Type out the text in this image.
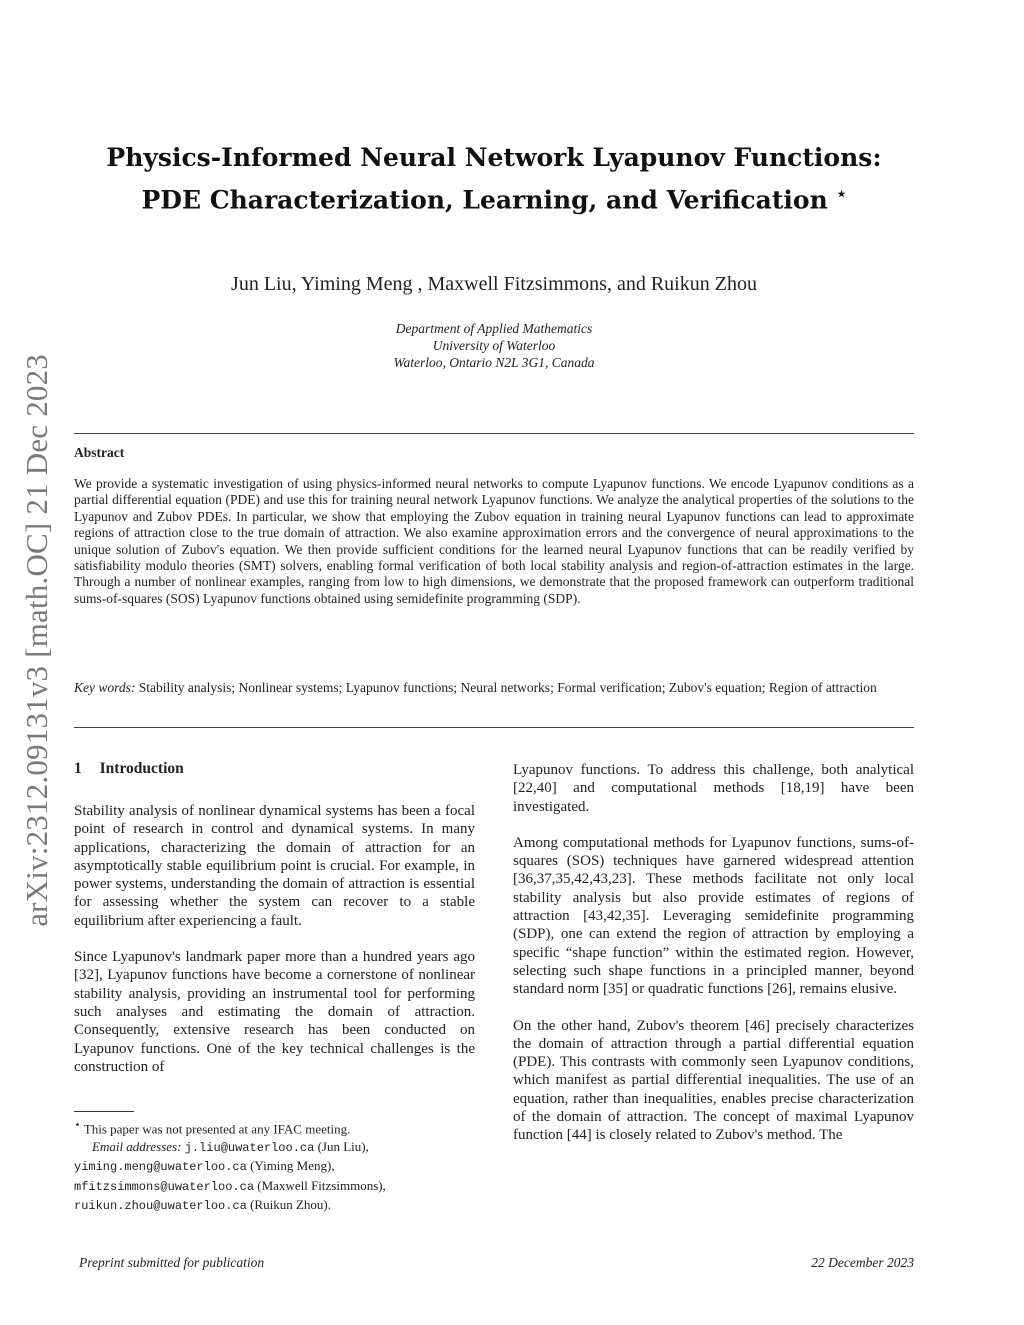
arXiv:2312.09131v3 [math.OC] 21 Dec 2023
Physics-Informed Neural Network Lyapunov Functions:
PDE Characterization, Learning, and Verification ⋆
Jun Liu, Yiming Meng , Maxwell Fitzsimmons, and Ruikun Zhou
Department of Applied Mathematics
University of Waterloo
Waterloo, Ontario N2L 3G1, Canada
Abstract
We provide a systematic investigation of using physics-informed neural networks to compute Lyapunov functions. We encode Lyapunov conditions as a partial differential equation (PDE) and use this for training neural network Lyapunov functions. We analyze the analytical properties of the solutions to the Lyapunov and Zubov PDEs. In particular, we show that employing the Zubov equation in training neural Lyapunov functions can lead to approximate regions of attraction close to the true domain of attraction. We also examine approximation errors and the convergence of neural approximations to the unique solution of Zubov's equation. We then provide sufficient conditions for the learned neural Lyapunov functions that can be readily verified by satisfiability modulo theories (SMT) solvers, enabling formal verification of both local stability analysis and region-of-attraction estimates in the large. Through a number of nonlinear examples, ranging from low to high dimensions, we demonstrate that the proposed framework can outperform traditional sums-of-squares (SOS) Lyapunov functions obtained using semidefinite programming (SDP).
Key words: Stability analysis; Nonlinear systems; Lyapunov functions; Neural networks; Formal verification; Zubov's equation; Region of attraction
1 Introduction

Stability analysis of nonlinear dynamical systems has been a focal point of research in control and dynamical systems. In many applications, characterizing the domain of attraction for an asymptotically stable equilibrium point is crucial. For example, in power systems, understanding the domain of attraction is essential for assessing whether the system can recover to a stable equilibrium after experiencing a fault.

Since Lyapunov's landmark paper more than a hundred years ago [32], Lyapunov functions have become a cornerstone of nonlinear stability analysis, providing an instrumental tool for performing such analyses and estimating the domain of attraction. Consequently, extensive research has been conducted on Lyapunov functions. One of the key technical challenges is the construction of

Lyapunov functions. To address this challenge, both analytical [22,40] and computational methods [18,19] have been investigated.

Among computational methods for Lyapunov functions, sums-of-squares (SOS) techniques have garnered widespread attention [36,37,35,42,43,23]. These methods facilitate not only local stability analysis but also provide estimates of regions of attraction [43,42,35]. Leveraging semidefinite programming (SDP), one can extend the region of attraction by employing a specific “shape function” within the estimated region. However, selecting such shape functions in a principled manner, beyond standard norm [35] or quadratic functions [26], remains elusive.

On the other hand, Zubov's theorem [46] precisely characterizes the domain of attraction through a partial differential equation (PDE). This contrasts with commonly seen Lyapunov conditions, which manifest as partial differential inequalities. The use of an equation, rather than inequalities, enables precise characterization of the domain of attraction. The concept of maximal Lyapunov function [44] is closely related to Zubov's method. The

⋆ This paper was not presented at any IFAC meeting.
Email addresses: j.liu@uwaterloo.ca (Jun Liu),
yiming.meng@uwaterloo.ca (Yiming Meng),
mfitzsimmons@uwaterloo.ca (Maxwell Fitzsimmons),
ruikun.zhou@uwaterloo.ca (Ruikun Zhou).
Preprint submitted for publication	22 December 2023
